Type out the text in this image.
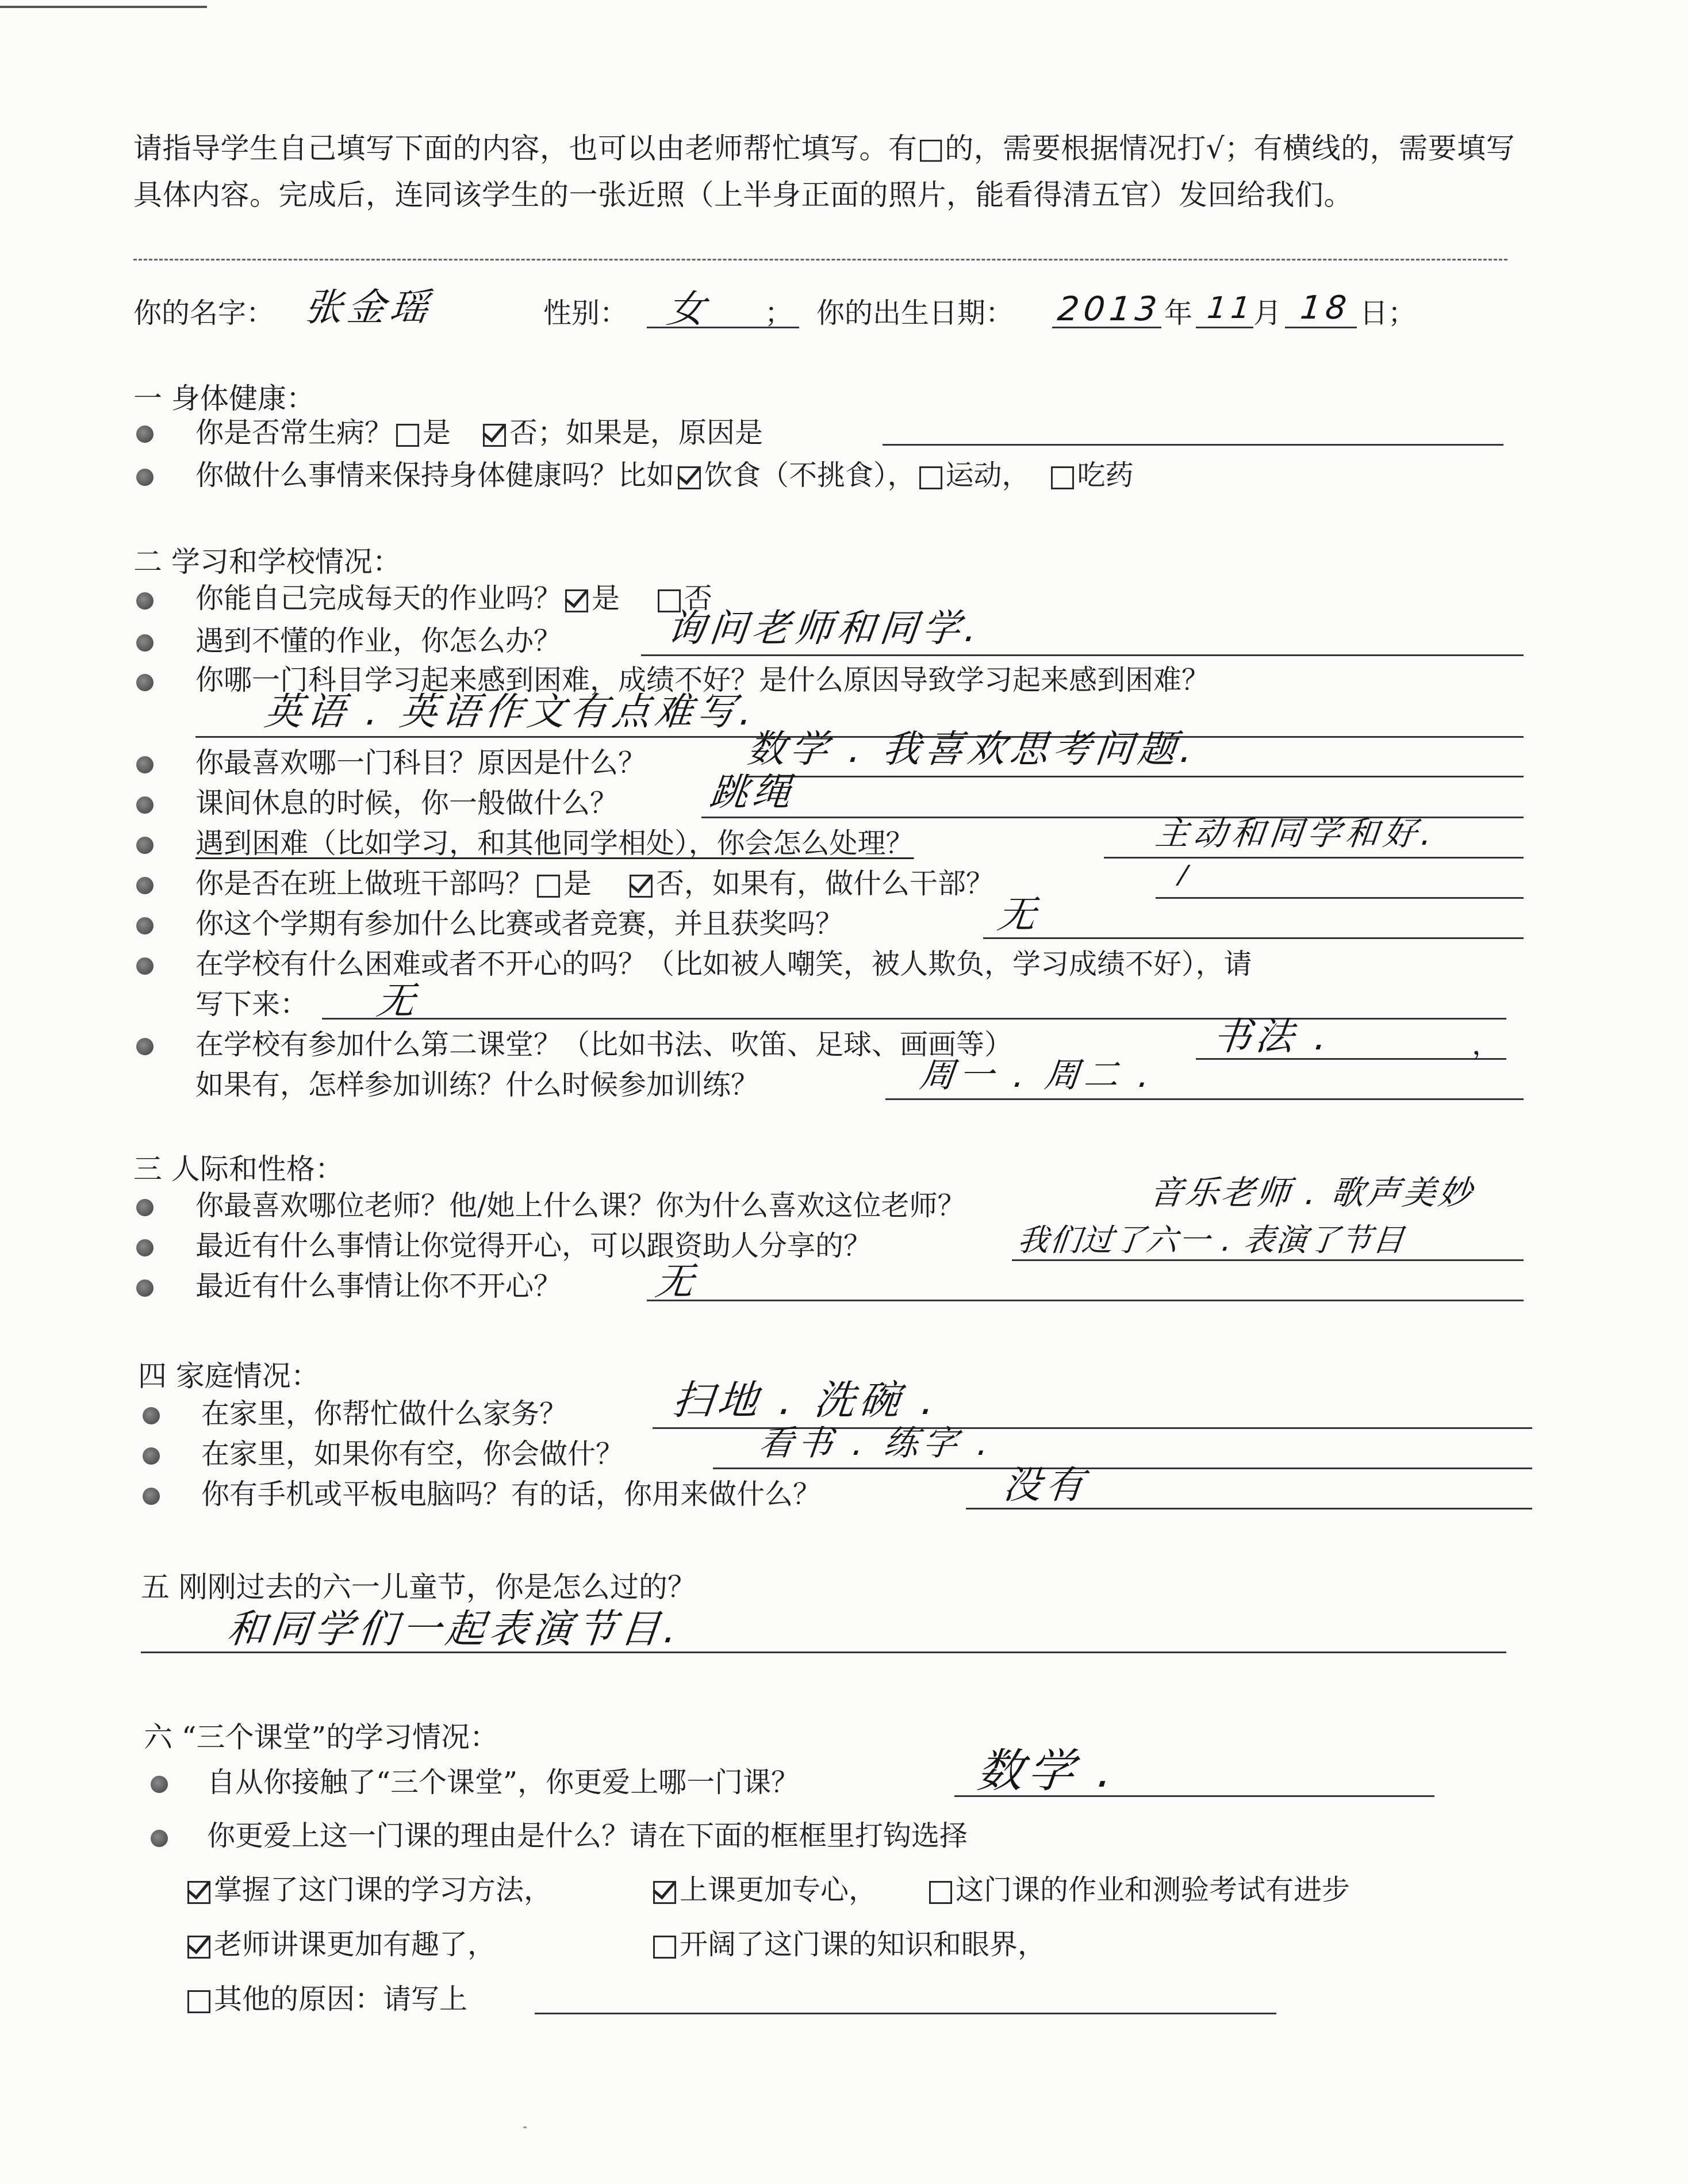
请指导学生自己填写下面的内容，也可以由老师帮忙填写。有□的，需要根据情况打√；有横线的，需要填写具体内容。完成后，连同该学生的一张近照（上半身正面的照片，能看得清五官）发回给我们。
你的名字： 张金瑶	性别： 女 ； 你的出生日期： 2013 年 11
月 18 日；
一 身体健康：
你是否常生病？ 是 否；如果是，原因是
你做什么事情来保持身体健康吗？比如 饮食（不挑食）， 运动， 吃药
二 学习和学校情况：
你能自己完成每天的作业吗？ 是 否
遇到不懂的作业，你怎么办？	询问老师和同学.
你哪一门科目学习起来感到困难，成绩不好？是什么原因导致学习起来感到困难？
英语 . 英语作文有点难写.
你最喜欢哪一门科目？原因是什么？	数学 . 我喜欢思考问题.
课间休息的时候，你一般做什么？ 跳绳
遇到困难（比如学习，和其他同学相处），你会怎么处理？	主动和同学和好.
你是否在班上做班干部吗？ 是 否，如果有，做什么干部？	/
你这个学期有参加什么比赛或者竞赛，并且获奖吗？	无
在学校有什么困难或者不开心的吗？（比如被人嘲笑，被人欺负，学习成绩不好），请
写下来： 无
在学校有参加什么第二课堂？（比如书法、吹笛、足球、画画等）	书法 .	，
如果有，怎样参加训练？什么时候参加训练？	周一 . 周二 .
三 人际和性格：
你最喜欢哪位老师？他/她上什么课？你为什么喜欢这位老师？	音乐老师 . 歌声美妙
最近有什么事情让你觉得开心，可以跟资助人分享的？	我们过了六一 . 表演了节目
最近有什么事情让你不开心？ 无
四 家庭情况：
在家里，你帮忙做什么家务？	扫地 . 洗碗 .
在家里，如果你有空，你会做什？	看书 . 练字 .
你有手机或平板电脑吗？有的话，你用来做什么？	没有
五 刚刚过去的六一儿童节，你是怎么过的？
和同学们一起表演节目.
六 “三个课堂”的学习情况：
自从你接触了“三个课堂”，你更爱上哪一门课？	数学 .
你更爱上这一门课的理由是什么？请在下面的框框里打钩选择
掌握了这门课的学习方法，	上课更加专心，	这门课的作业和测验考试有进步
老师讲课更加有趣了，	开阔了这门课的知识和眼界，
其他的原因：请写上
